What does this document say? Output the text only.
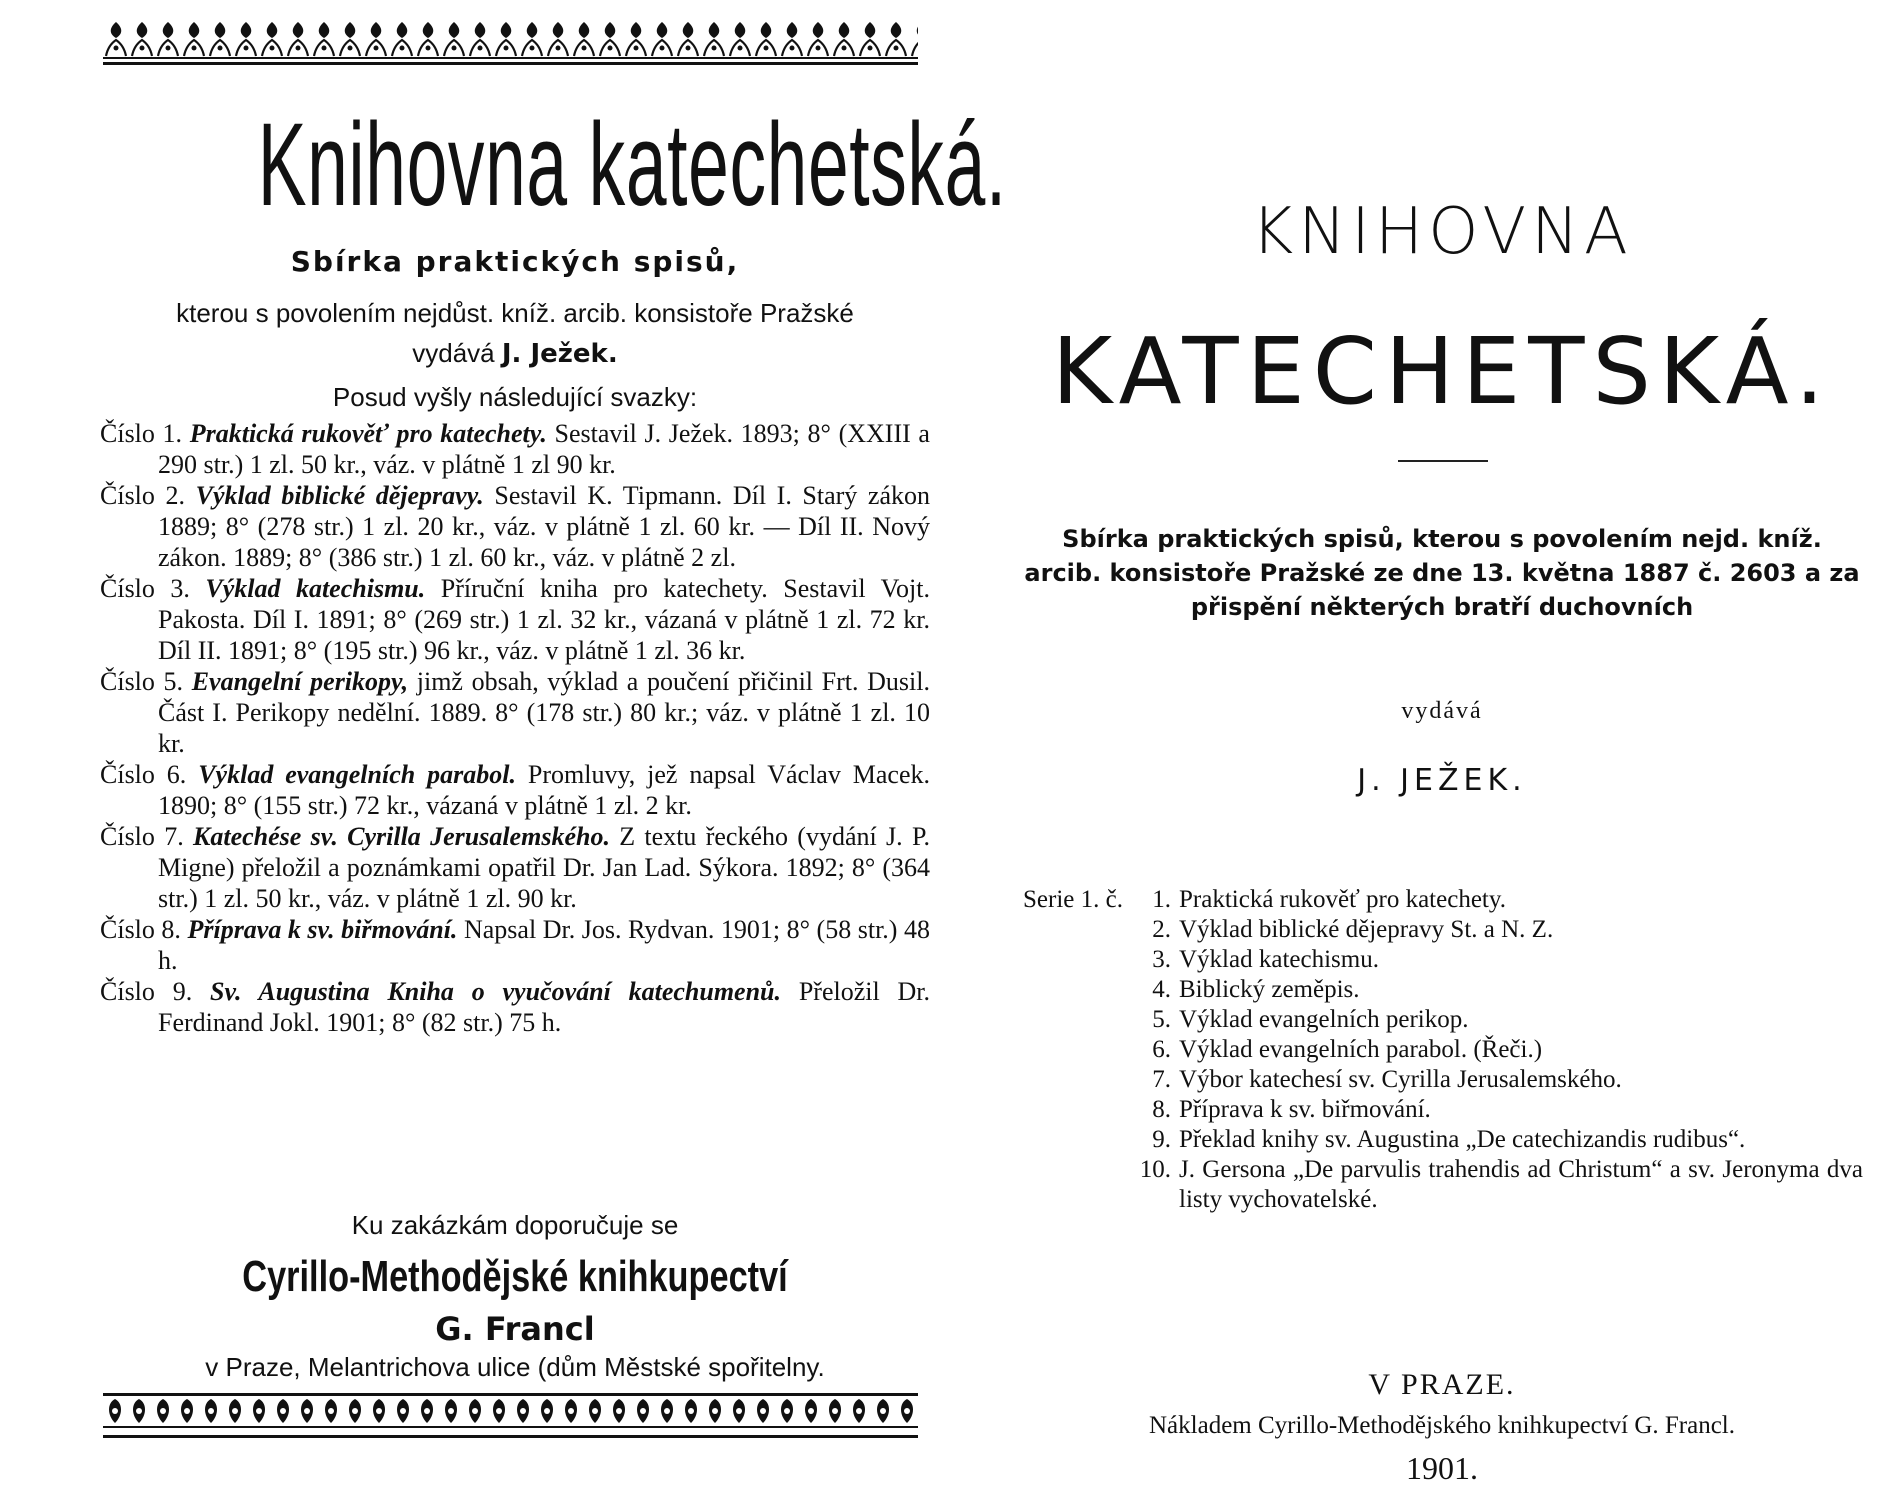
Knihovna katechetská.
Sbírka praktických spisů,
kterou s povolením nejdůst. kníž. arcib. konsistoře Pražské
vydává J. Ježek.
Posud vyšly následující svazky:

Číslo 1. Praktická rukověť pro katechety. Sestavil J. Ježek. 1893; 8° (XXIII a 290 str.) 1 zl. 50 kr., váz. v plátně 1 zl 90 kr.

Číslo 2. Výklad biblické dějepravy. Sestavil K. Tipmann. Díl I. Starý zákon 1889; 8° (278 str.) 1 zl. 20 kr., váz. v plátně 1 zl. 60 kr. — Díl II. Nový zákon. 1889; 8° (386 str.) 1 zl. 60 kr., váz. v plátně 2 zl.

Číslo 3. Výklad katechismu. Příruční kniha pro katechety. Sestavil Vojt. Pakosta. Díl I. 1891; 8° (269 str.) 1 zl. 32 kr., vázaná v plátně 1 zl. 72 kr. Díl II. 1891; 8° (195 str.) 96 kr., váz. v plátně 1 zl. 36 kr.

Číslo 5. Evangelní perikopy, jimž obsah, výklad a poučení přičinil Frt. Dusil. Část I. Perikopy nedělní. 1889. 8° (178 str.) 80 kr.; váz. v plátně 1 zl. 10 kr.

Číslo 6. Výklad evangelních parabol. Promluvy, jež napsal Václav Macek. 1890; 8° (155 str.) 72 kr., vázaná v plátně 1 zl. 2 kr.

Číslo 7. Katechése sv. Cyrilla Jerusalemského. Z textu řeckého (vydání J. P. Migne) přeložil a poznámkami opatřil Dr. Jan Lad. Sýkora. 1892; 8° (364 str.) 1 zl. 50 kr., váz. v plátně 1 zl. 90 kr.

Číslo 8. Příprava k sv. biřmování. Napsal Dr. Jos. Rydvan. 1901; 8° (58 str.) 48 h.

Číslo 9. Sv. Augustina Kniha o vyučování katechumenů. Přeložil Dr. Ferdinand Jokl. 1901; 8° (82 str.) 75 h.

Ku zakázkám doporučuje se
Cyrillo-Methodějské knihkupectví
G. Francl
v Praze, Melantrichova ulice (dům Městské spořitelny.
KNIHOVNA
KATECHETSKÁ.
Sbírka praktických spisů, kterou s povolením nejd. kníž. arcib. konsistoře Pražské ze dne 13. května 1887 č. 2603 a za přispění některých bratří duchovních
vydává
J. JEŽEK.
Serie 1. č.	1. Praktická rukověť pro katechety.
2. Výklad biblické dějepravy St. a N. Z.
3. Výklad katechismu.
4. Biblický zeměpis.
5. Výklad evangelních perikop.
6. Výklad evangelních parabol. (Řeči.)
7. Výbor katechesí sv. Cyrilla Jerusalemského.
8. Příprava k sv. biřmování.
9. Překlad knihy sv. Augustina „De catechizandis rudibus“.
10. J. Gersona „De parvulis trahendis ad Christum“ a sv. Jeronyma dva listy vychovatelské.
V PRAZE.
Nákladem Cyrillo-Methodějského knihkupectví G. Francl.
1901.
